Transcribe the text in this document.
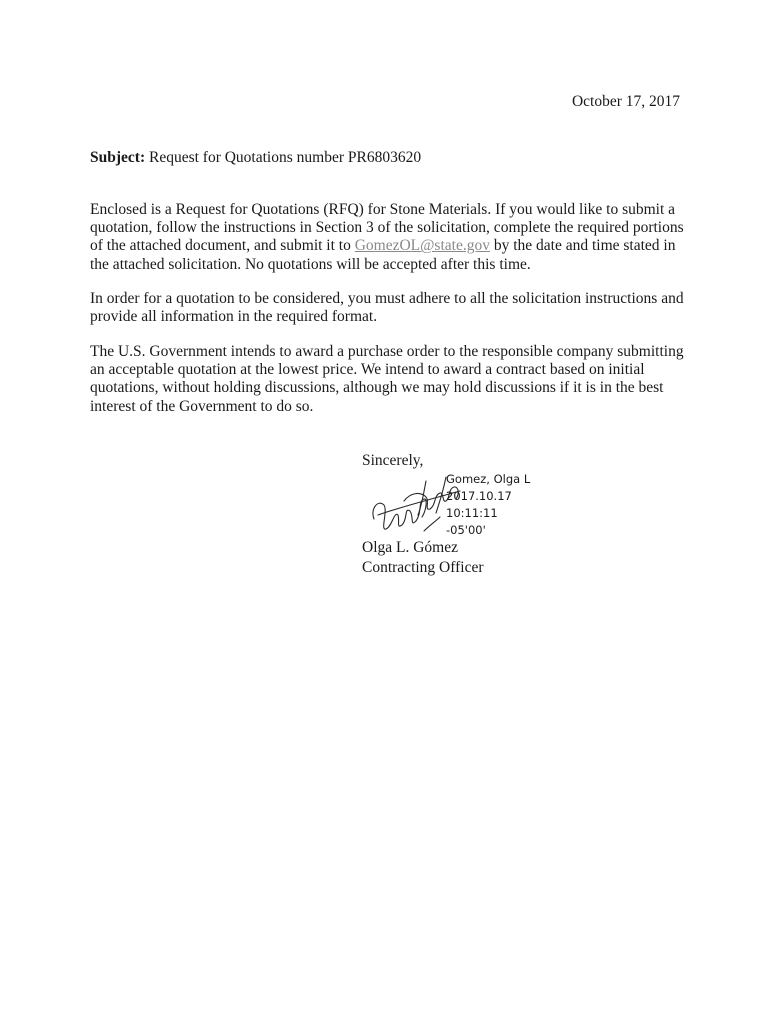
October 17, 2017
Subject: Request for Quotations number PR6803620
Enclosed is a Request for Quotations (RFQ) for Stone Materials. If you would like to submit a
quotation, follow the instructions in Section 3 of the solicitation, complete the required portions
of the attached document, and submit it to GomezOL@state.gov by the date and time stated in
the attached solicitation. No quotations will be accepted after this time.
In order for a quotation to be considered, you must adhere to all the solicitation instructions and
provide all information in the required format.
The U.S. Government intends to award a purchase order to the responsible company submitting
an acceptable quotation at the lowest price. We intend to award a contract based on initial
quotations, without holding discussions, although we may hold discussions if it is in the best
interest of the Government to do so.
Sincerely,
Gomez, Olga L
2017.10.17
10:11:11
-05'00'
Olga L. Gómez
Contracting Officer
